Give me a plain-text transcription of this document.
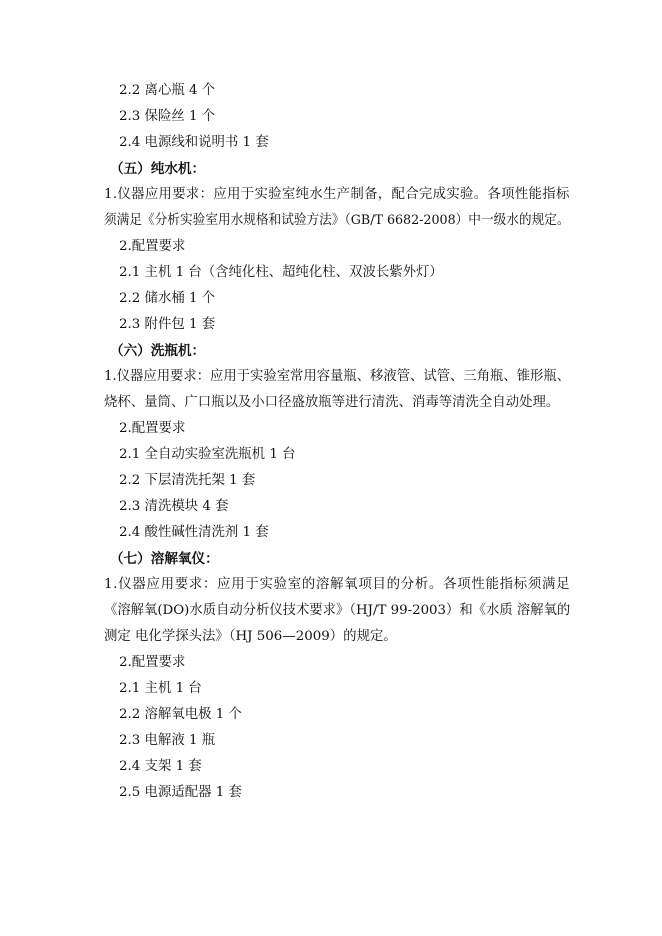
2.2 离心瓶 4 个
2.3 保险丝 1 个
2.4 电源线和说明书 1 套
（五）纯水机：
1.仪器应用要求：应用于实验室纯水生产制备，配合完成实验。各项性能指标
须满足《分析实验室用水规格和试验方法》（GB/T 6682-2008）中一级水的规定。
2.配置要求
2.1 主机 1 台（含纯化柱、超纯化柱、双波长紫外灯）
2.2 储水桶 1 个
2.3 附件包 1 套
（六）洗瓶机：
1.仪器应用要求：应用于实验室常用容量瓶、移液管、试管、三角瓶、锥形瓶、
烧杯、量筒、广口瓶以及小口径盛放瓶等进行清洗、消毒等清洗全自动处理。
2.配置要求
2.1 全自动实验室洗瓶机 1 台
2.2 下层清洗托架 1 套
2.3 清洗模块 4 套
2.4 酸性碱性清洗剂 1 套
（七）溶解氧仪：
1.仪器应用要求：应用于实验室的溶解氧项目的分析。各项性能指标须满足
《溶解氧(DO)水质自动分析仪技术要求》（HJ/T 99-2003）和《水质 溶解氧的
测定 电化学探头法》（HJ 506—2009）的规定。
2.配置要求
2.1 主机 1 台
2.2 溶解氧电极 1 个
2.3 电解液 1 瓶
2.4 支架 1 套
2.5 电源适配器 1 套
